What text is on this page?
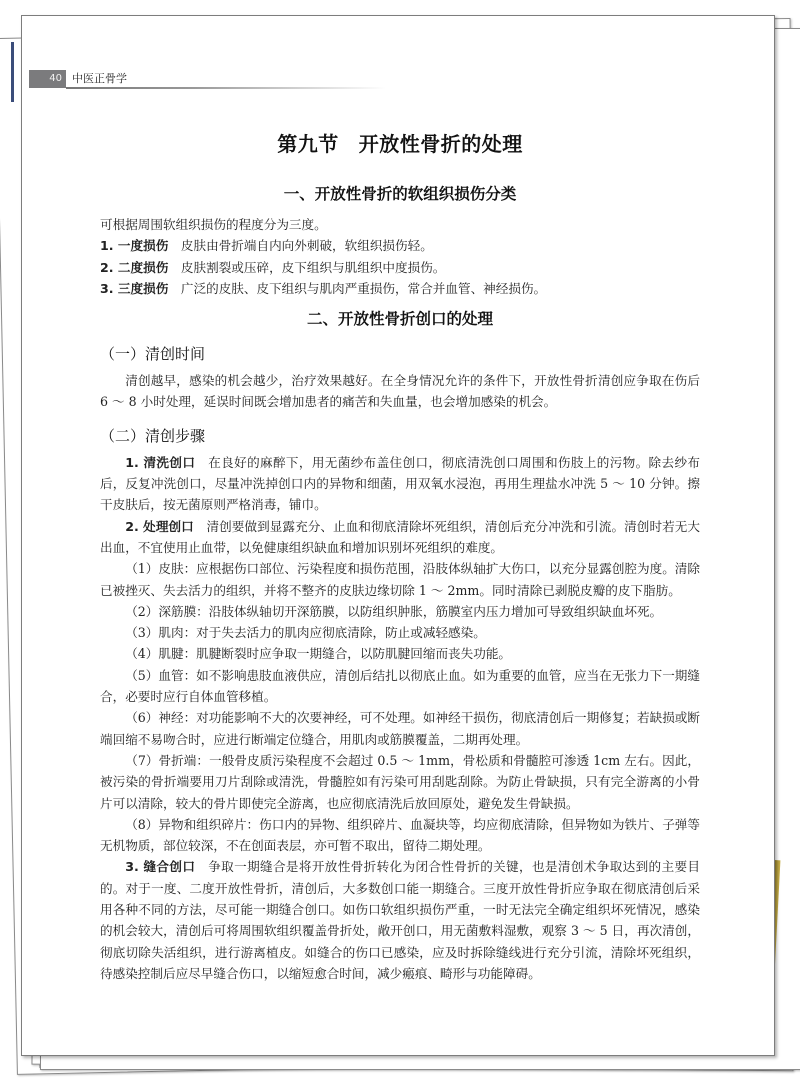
40 中医正骨学
第九节 开放性骨折的处理
一、开放性骨折的软组织损伤分类

可根据周围软组织损伤的程度分为三度。

1. 一度损伤 皮肤由骨折端自内向外刺破，软组织损伤轻。

2. 二度损伤 皮肤割裂或压碎，皮下组织与肌组织中度损伤。

3. 三度损伤 广泛的皮肤、皮下组织与肌肉严重损伤，常合并血管、神经损伤。

二、开放性骨折创口的处理
（一）清创时间

清创越早，感染的机会越少，治疗效果越好。在全身情况允许的条件下，开放性骨折清创应争取在伤后 6 ～ 8 小时处理，延误时间既会增加患者的痛苦和失血量，也会增加感染的机会。

（二）清创步骤

1. 清洗创口 在良好的麻醉下，用无菌纱布盖住创口，彻底清洗创口周围和伤肢上的污物。除去纱布后，反复冲洗创口，尽量冲洗掉创口内的异物和细菌，用双氧水浸泡，再用生理盐水冲洗 5 ～ 10 分钟。擦干皮肤后，按无菌原则严格消毒，铺巾。

2. 处理创口 清创要做到显露充分、止血和彻底清除坏死组织，清创后充分冲洗和引流。清创时若无大出血，不宜使用止血带，以免健康组织缺血和增加识别坏死组织的难度。

（1）皮肤：应根据伤口部位、污染程度和损伤范围，沿肢体纵轴扩大伤口，以充分显露创腔为度。清除已被挫灭、失去活力的组织，并将不整齐的皮肤边缘切除 1 ～ 2mm。同时清除已剥脱皮瓣的皮下脂肪。

（2）深筋膜：沿肢体纵轴切开深筋膜，以防组织肿胀，筋膜室内压力增加可导致组织缺血坏死。

（3）肌肉：对于失去活力的肌肉应彻底清除，防止或减轻感染。

（4）肌腱：肌腱断裂时应争取一期缝合，以防肌腱回缩而丧失功能。

（5）血管：如不影响患肢血液供应，清创后结扎以彻底止血。如为重要的血管，应当在无张力下一期缝合，必要时应行自体血管移植。

（6）神经：对功能影响不大的次要神经，可不处理。如神经干损伤，彻底清创后一期修复；若缺损或断端回缩不易吻合时，应进行断端定位缝合，用肌肉或筋膜覆盖，二期再处理。

（7）骨折端：一般骨皮质污染程度不会超过 0.5 ～ 1mm，骨松质和骨髓腔可渗透 1cm 左右。因此，被污染的骨折端要用刀片刮除或清洗，骨髓腔如有污染可用刮匙刮除。为防止骨缺损，只有完全游离的小骨片可以清除，较大的骨片即使完全游离，也应彻底清洗后放回原处，避免发生骨缺损。

（8）异物和组织碎片：伤口内的异物、组织碎片、血凝块等，均应彻底清除，但异物如为铁片、子弹等无机物质，部位较深，不在创面表层，亦可暂不取出，留待二期处理。

3. 缝合创口 争取一期缝合是将开放性骨折转化为闭合性骨折的关键，也是清创术争取达到的主要目的。对于一度、二度开放性骨折，清创后，大多数创口能一期缝合。三度开放性骨折应争取在彻底清创后采用各种不同的方法，尽可能一期缝合创口。如伤口软组织损伤严重，一时无法完全确定组织坏死情况，感染的机会较大，清创后可将周围软组织覆盖骨折处，敞开创口，用无菌敷料湿敷，观察 3 ～ 5 日，再次清创，彻底切除失活组织，进行游离植皮。如缝合的伤口已感染，应及时拆除缝线进行充分引流，清除坏死组织，待感染控制后应尽早缝合伤口，以缩短愈合时间，减少瘢痕、畸形与功能障碍。
